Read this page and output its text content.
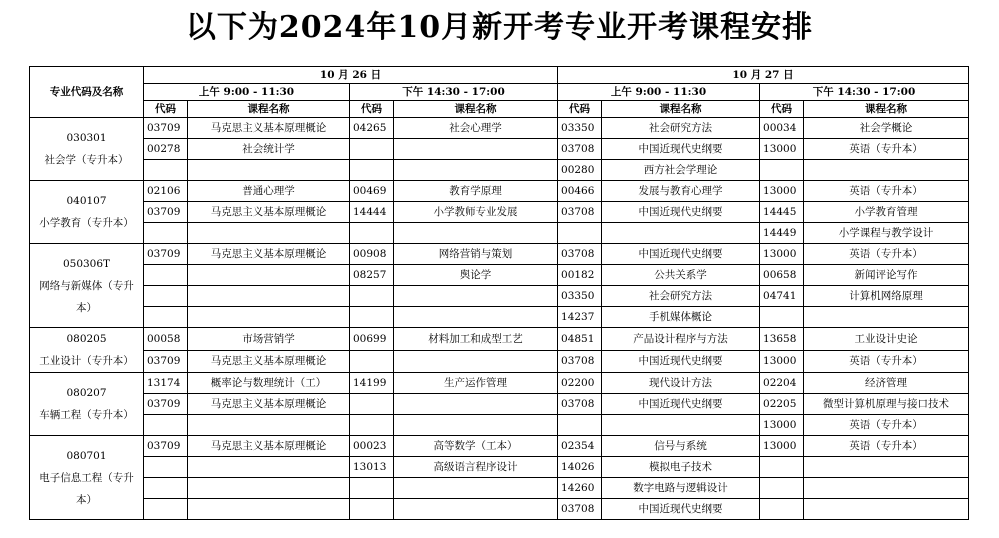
以下为2024年10月新开考专业开考课程安排
专业代码及名称	10 月 26 日				10 月 27 日			
	上午 9:00 - 11:30		下午 14:30 - 17:00		上午 9:00 - 11:30		下午 14:30 - 17:00	
	代码	课程名称	代码	课程名称	代码	课程名称	代码	课程名称

030301
社会学（专升本）	03709	马克思主义基本原理概论	04265	社会心理学	03350	社会研究方法	00034	社会学概论
	00278	社会统计学			03708	中国近现代史纲要	13000	英语（专升本）
					00280	西方社会学理论		

040107
小学教育（专升本）	02106	普通心理学	00469	教育学原理	00466	发展与教育心理学	13000	英语（专升本）
	03709	马克思主义基本原理概论	14444	小学教师专业发展	03708	中国近现代史纲要	14445	小学教育管理
							14449	小学课程与教学设计

050306T
网络与新媒体（专升本）	03709	马克思主义基本原理概论	00908	网络营销与策划	03708	中国近现代史纲要	13000	英语（专升本）
			08257	舆论学	00182	公共关系学	00658	新闻评论写作
					03350	社会研究方法	04741	计算机网络原理
					14237	手机媒体概论		

080205
工业设计（专升本）	00058	市场营销学	00699	材料加工和成型工艺	04851	产品设计程序与方法	13658	工业设计史论
	03709	马克思主义基本原理概论			03708	中国近现代史纲要	13000	英语（专升本）

080207
车辆工程（专升本）	13174	概率论与数理统计（工）	14199	生产运作管理	02200	现代设计方法	02204	经济管理
	03709	马克思主义基本原理概论			03708	中国近现代史纲要	02205	微型计算机原理与接口技术
							13000	英语（专升本）

080701
电子信息工程（专升本）	03709	马克思主义基本原理概论	00023	高等数学（工本）	02354	信号与系统	13000	英语（专升本）
			13013	高级语言程序设计	14026	模拟电子技术		
					14260	数字电路与逻辑设计		
					03708	中国近现代史纲要		
